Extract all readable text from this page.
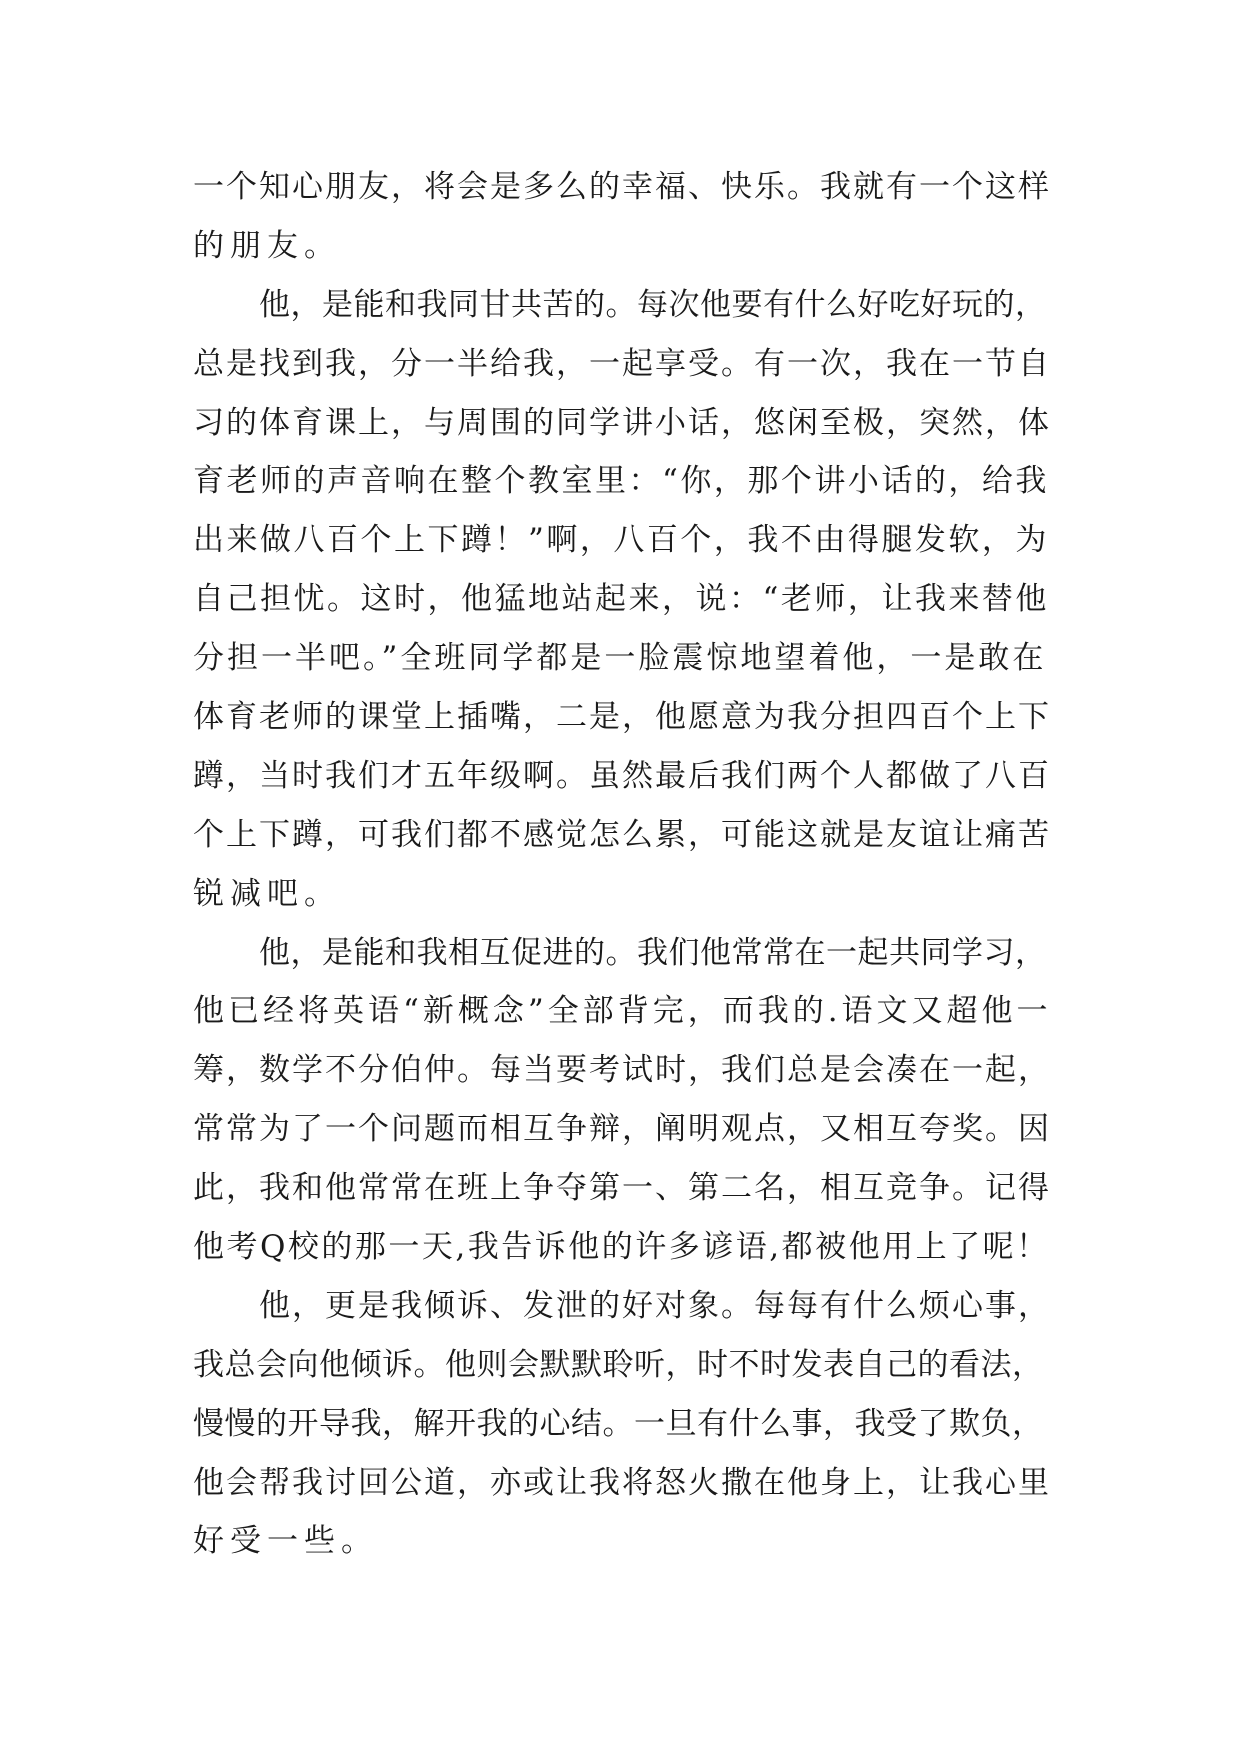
一个知心朋友，将会是多么的幸福、快乐。我就有一个这样
的朋友。
他，是能和我同甘共苦的。每次他要有什么好吃好玩的，
总是找到我，分一半给我，一起享受。有一次，我在一节自
习的体育课上，与周围的同学讲小话，悠闲至极，突然，体
育老师的声音响在整个教室里：“你，那个讲小话的，给我
出来做八百个上下蹲！”啊，八百个，我不由得腿发软，为
自己担忧。这时，他猛地站起来，说：“老师，让我来替他
分担一半吧。”全班同学都是一脸震惊地望着他，一是敢在
体育老师的课堂上插嘴，二是，他愿意为我分担四百个上下
蹲，当时我们才五年级啊。虽然最后我们两个人都做了八百
个上下蹲，可我们都不感觉怎么累，可能这就是友谊让痛苦
锐减吧。
他，是能和我相互促进的。我们他常常在一起共同学习，
他已经将英语“新概念”全部背完，而我的.语文又超他一
筹，数学不分伯仲。每当要考试时，我们总是会凑在一起，
常常为了一个问题而相互争辩，阐明观点，又相互夸奖。因
此，我和他常常在班上争夺第一、第二名，相互竞争。记得
他考Q校的那一天,我告诉他的许多谚语,都被他用上了呢！
他，更是我倾诉、发泄的好对象。每每有什么烦心事，
我总会向他倾诉。他则会默默聆听，时不时发表自己的看法，
慢慢的开导我，解开我的心结。一旦有什么事，我受了欺负，
他会帮我讨回公道，亦或让我将怒火撒在他身上，让我心里
好受一些。
